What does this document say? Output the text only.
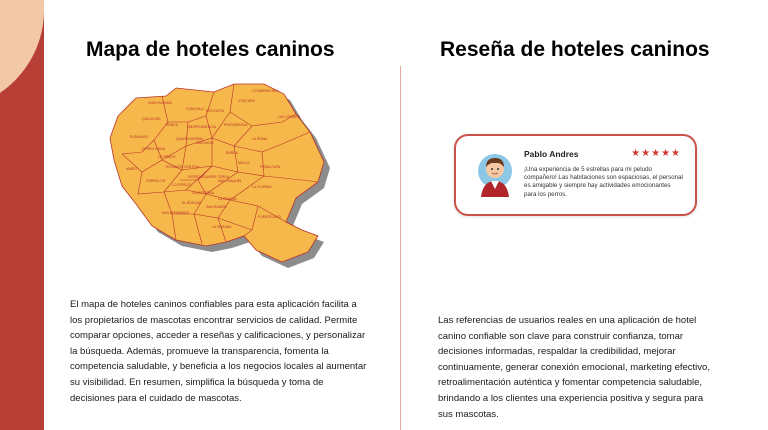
Mapa de hoteles caninos	Reseña de hoteles caninos
LO BARNECHEA
VITACURA
HUECHURABA
CONCHALÍ RECOLETA
QUILICURA	LAS CONDES
RENCA	INDEPENDENCIA PROVIDENCIA
PUDAHUEL	QUINTA NORMAL
SANTIAGO
LA REINA
ÑUÑOA
CERRO NAVIA
LO PRADO
ESTACIÓN CENTRAL
MACUL
PEÑALOLÉN
MAIPÚ
CERRILLOS
PEDRO AGUIRRE CERDA
SAN JOAQUÍN
LA FLORIDA
LA CISTERNA
EL BOSQUE
LA GRANJA
SAN BERNARDO
PUENTE ALTO
SAN RAMÓN
LA PINTANA
LO ESPEJO
Pablo Andres	★★★★★
¡Una experiencia de 5 estrellas para mi peludo compañero! Las habitaciones son espaciosas, el personal es amigable y siempre hay actividades emocionantes para los perros.

El mapa de hoteles caninos confiables para esta aplicación facilita a los propietarios de mascotas encontrar servicios de calidad. Permite comparar opciones, acceder a reseñas y calificaciones, y personalizar la búsqueda. Además, promueve la transparencia, fomenta la competencia saludable, y beneficia a los negocios locales al aumentar su visibilidad. En resumen, simplifica la búsqueda y toma de decisiones para el cuidado de mascotas.

Las referencias de usuarios reales en una aplicación de hotel canino confiable son clave para construir confianza, tomar decisiones informadas, respaldar la credibilidad, mejorar continuamente, generar conexión emocional, marketing efectivo, retroalimentación auténtica y fomentar competencia saludable, brindando a los clientes una experiencia positiva y segura para sus mascotas.
